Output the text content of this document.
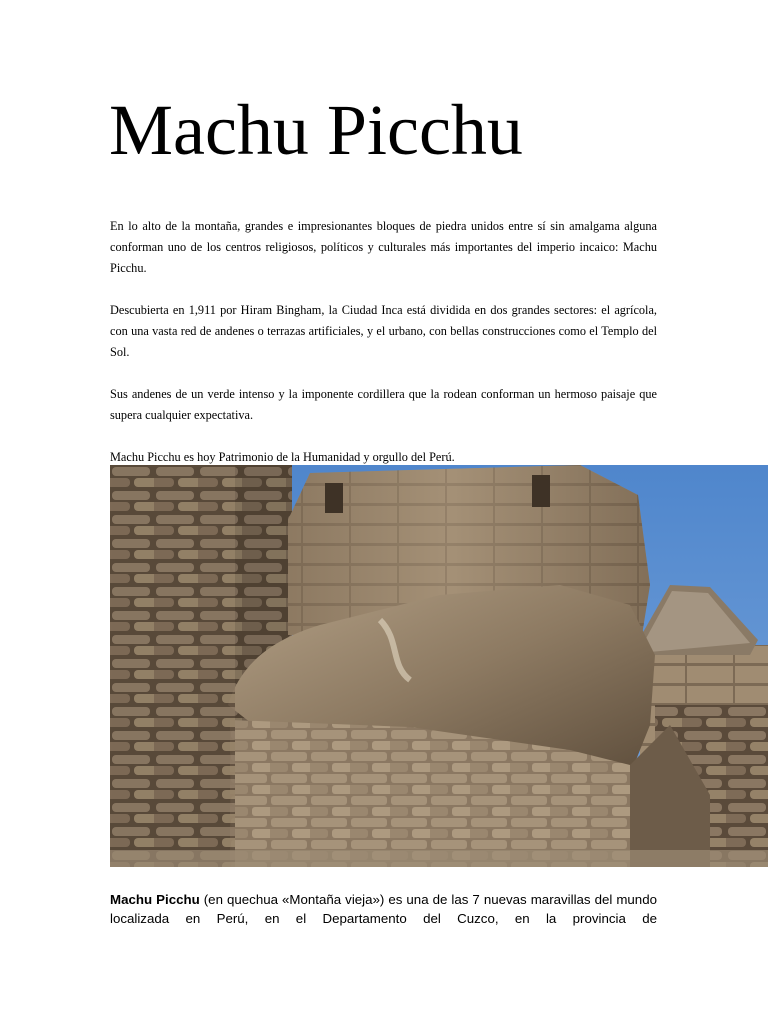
Machu Picchu

En lo alto de la montaña, grandes e impresionantes bloques de piedra unidos entre sí sin amalgama alguna conforman uno de los centros religiosos, políticos y culturales más importantes del imperio incaico: Machu Picchu.

Descubierta en 1,911 por Hiram Bingham, la Ciudad Inca está dividida en dos grandes sectores: el agrícola, con una vasta red de andenes o terrazas artificiales, y el urbano, con bellas construcciones como el Templo del Sol.

Sus andenes de un verde intenso y la imponente cordillera que la rodean conforman un hermoso paisaje que supera cualquier expectativa.

Machu Picchu es hoy Patrimonio de la Humanidad y orgullo del Perú.

Machu Picchu (en quechua «Montaña vieja») es una de las 7 nuevas maravillas del mundo localizada en Perú, en el Departamento del Cuzco, en la provincia de
